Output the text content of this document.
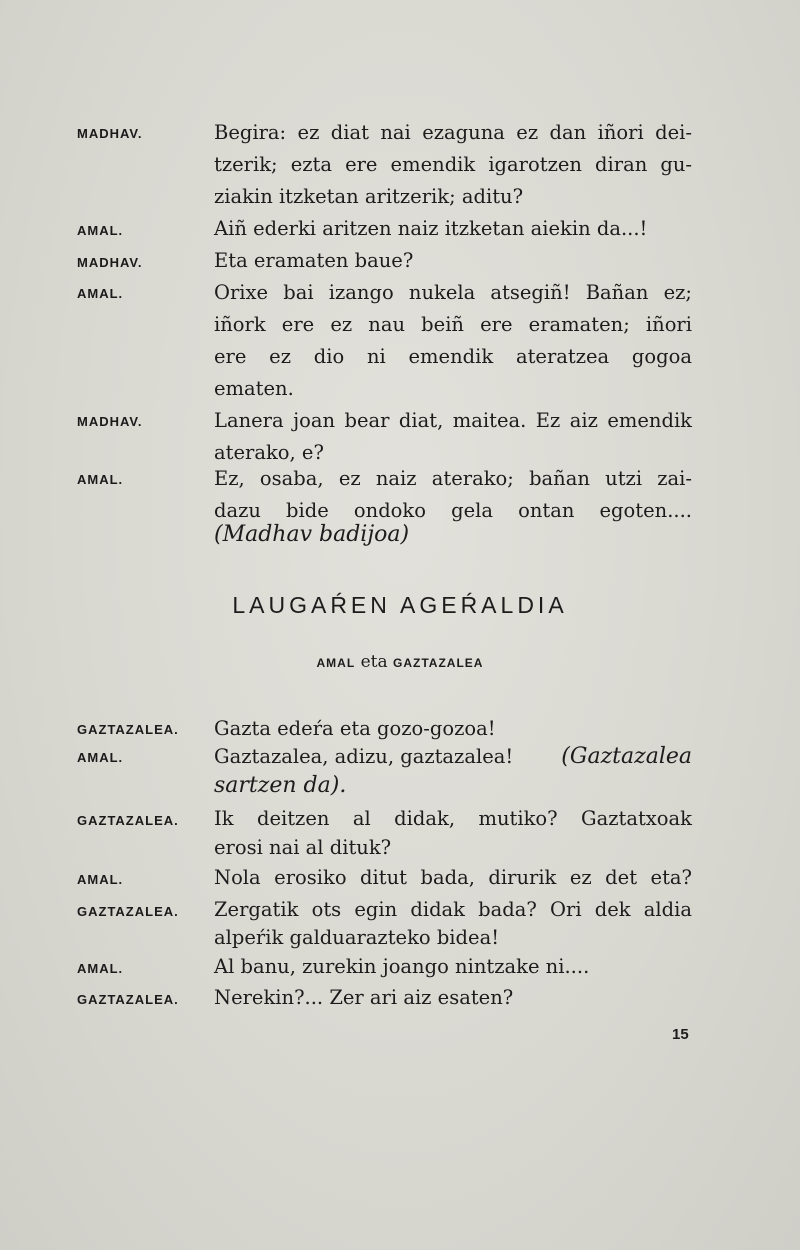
MADHAV.	Begira: ez diat nai ezaguna ez dan iñori dei-
tzerik; ezta ere emendik igarotzen diran gu-
ziakin itzketan aritzerik; aditu?
AMAL.	Aiñ ederki aritzen naiz itzketan aiekin da...!
MADHAV.	Eta eramaten baue?
AMAL.	Orixe bai izango nukela atsegiñ! Bañan ez;
iñork ere ez nau beiñ ere eramaten; iñori
ere ez dio ni emendik ateratzea gogoa
ematen.
MADHAV.	Lanera joan bear diat, maiteа. Ez aiz emendik
aterako, e?
AMAL.	Ez, osaba, ez naiz aterako; bañan utzi zai-
dazu bide ondoko gela ontan egoten....
(Madhav badijoa)
LAUGAŔEN AGEŔALDIA
AMAL eta GAZTAZALEA
GAZTAZALEA. Gazta edeŕa eta gozo-gozoa!
AMAL.	Gaztazalea, adizu, gaztazalea! (Gaztazalea
sartzen da).
GAZTAZALEA. Ik deitzen al didak, mutiko? Gaztatxoak
erosi nai al dituk?
AMAL.	Nola erosiko ditut bada, dirurik ez det eta?
GAZTAZALEA. Zergatik ots egin didak bada? Ori dek aldia
alpeŕik galduarazteko bidea!
AMAL.	Al banu, zurekin joango nintzake ni....
GAZTAZALEA. Nerekin?... Zer ari aiz esaten?
15
